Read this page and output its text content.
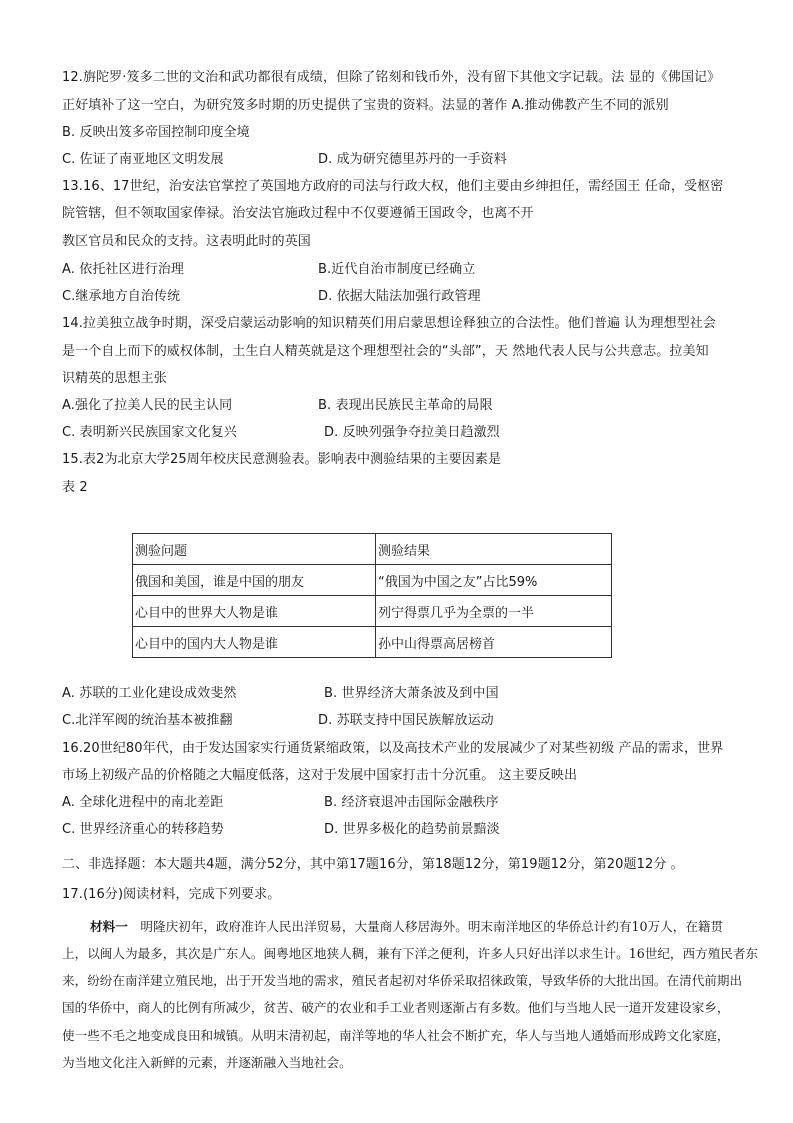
12.旃陀罗·笈多二世的文治和武功都很有成绩，但除了铭刻和钱币外，没有留下其他文字记载。法 显的《佛国记》
正好填补了这一空白，为研究笈多时期的历史提供了宝贵的资料。法显的著作 A.推动佛教产生不同的派别
B. 反映出笈多帝国控制印度全境
C. 佐证了南亚地区文明发展	D. 成为研究德里苏丹的一手资料
13.16、17世纪，治安法官掌控了英国地方政府的司法与行政大权，他们主要由乡绅担任，需经国王 任命，受枢密
院管辖，但不领取国家俸禄。治安法官施政过程中不仅要遵循王国政令，也离不开
教区官员和民众的支持。这表明此时的英国
A. 依托社区进行治理	B.近代自治市制度已经确立
C.继承地方自治传统	D. 依据大陆法加强行政管理
14.拉美独立战争时期，深受启蒙运动影响的知识精英们用启蒙思想诠释独立的合法性。他们普遍 认为理想型社会
是一个自上而下的威权体制，土生白人精英就是这个理想型社会的“头部”，天 然地代表人民与公共意志。拉美知
识精英的思想主张
A.强化了拉美人民的民主认同	B. 表现出民族民主革命的局限
C. 表明新兴民族国家文化复兴	D. 反映列强争夺拉美日趋激烈
15.表2为北京大学25周年校庆民意测验表。影响表中测验结果的主要因素是
表 2
测验问题	测验结果
俄国和美国，谁是中国的朋友	“俄国为中国之友”占比59%
心目中的世界大人物是谁	列宁得票几乎为全票的一半
心目中的国内大人物是谁	孙中山得票高居榜首
A. 苏联的工业化建设成效斐然	B. 世界经济大萧条波及到中国
C.北洋军阀的统治基本被推翻	D. 苏联支持中国民族解放运动
16.20世纪80年代，由于发达国家实行通货紧缩政策，以及高技术产业的发展减少了对某些初级 产品的需求，世界
市场上初级产品的价格随之大幅度低落，这对于发展中国家打击十分沉重。 这主要反映出
A. 全球化进程中的南北差距	B. 经济衰退冲击国际金融秩序
C. 世界经济重心的转移趋势	D. 世界多极化的趋势前景黯淡
二、非选择题：本大题共4题，满分52分，其中第17题16分，第18题12分，第19题12分，第20题12分 。
17.(16分)阅读材料，完成下列要求。
材料一　明隆庆初年，政府准许人民出洋贸易，大量商人移居海外。明末南洋地区的华侨总计约有10万人，在籍贯
上，以闽人为最多，其次是广东人。闽粤地区地狭人稠，兼有下洋之便利，许多人只好出洋以求生计。16世纪，西方殖民者东
来，纷纷在南洋建立殖民地，出于开发当地的需求，殖民者起初对华侨采取招徕政策，导致华侨的大批出国。在清代前期出
国的华侨中，商人的比例有所减少，贫苦、破产的农业和手工业者则逐渐占有多数。他们与当地人民一道开发建设家乡，
使一些不毛之地变成良田和城镇。从明末清初起，南洋等地的华人社会不断扩充，华人与当地人通婚而形成跨文化家庭，
为当地文化注入新鲜的元素，并逐渐融入当地社会。
